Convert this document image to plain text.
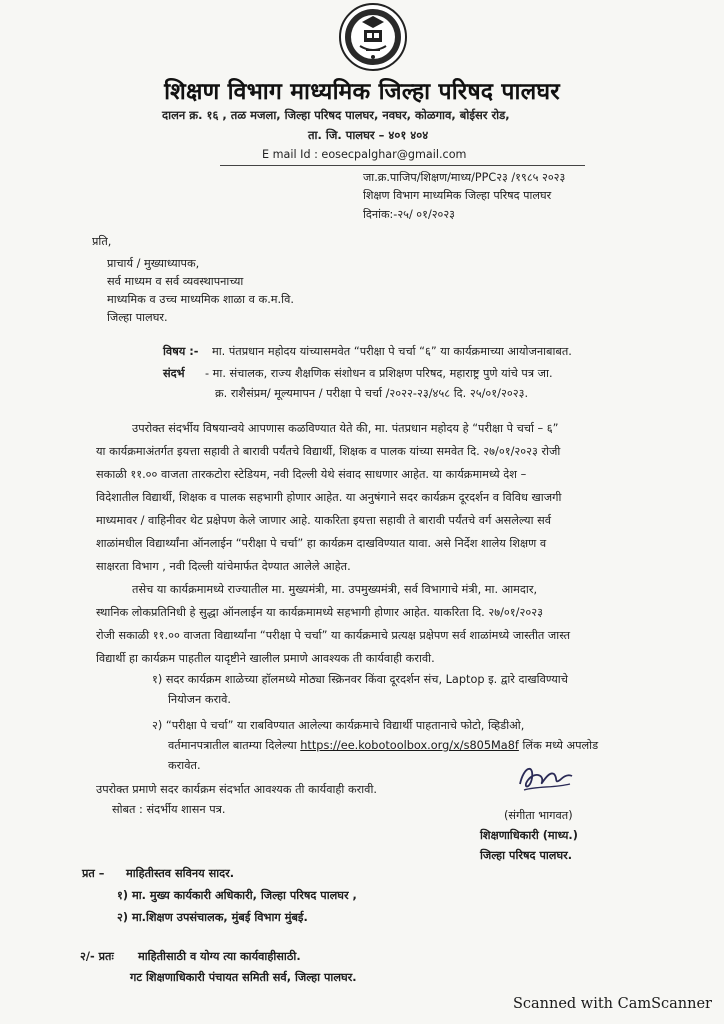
शिक्षण विभाग माध्यमिक जिल्हा परिषद पालघर
दालन क्र. १६ , तळ मजला, जिल्हा परिषद पालघर, नवघर, कोळगाव, बोईसर रोड,
ता. जि. पालघर – ४०१ ४०४
E mail Id : eosecpalghar@gmail.com
जा.क्र.पाजिप/शिक्षण/माध्य/PPC२३ /१९८५ २०२३
शिक्षण विभाग माध्यमिक जिल्हा परिषद पालघर
दिनांक:-२५/ ०१/२०२३
प्रति,
प्राचार्य / मुख्याध्यापक,
सर्व माध्यम व सर्व व्यवस्थापनाच्या
माध्यमिक व उच्च माध्यमिक शाळा व क.म.वि.
जिल्हा पालघर.
विषय :- मा. पंतप्रधान महोदय यांच्यासमवेत “परीक्षा पे चर्चा “६” या कार्यक्रमाच्या आयोजनाबाबत.
संदर्भ - मा. संचालक, राज्य शैक्षणिक संशोधन व प्रशिक्षण परिषद, महाराष्ट्र पुणे यांचे पत्र जा.
क्र. राशैसंप्रम/ मूल्यमापन / परीक्षा पे चर्चा /२०२२-२३/४५८ दि. २५/०१/२०२३.
उपरोक्त संदर्भीय विषयान्वये आपणास कळविण्यात येते की, मा. पंतप्रधान महोदय हे “परीक्षा पे चर्चा – ६”
या कार्यक्रमाअंतर्गत इयत्ता सहावी ते बारावी पर्यंतचे विद्यार्थी, शिक्षक व पालक यांच्या समवेत दि. २७/०१/२०२३ रोजी
सकाळी ११.०० वाजता तारकटोरा स्टेडियम, नवी दिल्ली येथे संवाद साधणार आहेत. या कार्यक्रमामध्ये देश –
विदेशातील विद्यार्थी, शिक्षक व पालक सहभागी होणार आहेत. या अनुषंगाने सदर कार्यक्रम दूरदर्शन व विविध खाजगी
माध्यमावर / वाहिनीवर थेट प्रक्षेपण केले जाणार आहे. याकरिता इयत्ता सहावी ते बारावी पर्यंतचे वर्ग असलेल्या सर्व
शाळांमधील विद्यार्थ्यांना ऑनलाईन “परीक्षा पे चर्चा” हा कार्यक्रम दाखविण्यात यावा. असे निर्देश शालेय शिक्षण व
साक्षरता विभाग , नवी दिल्ली यांचेमार्फत देण्यात आलेले आहेत.
तसेच या कार्यक्रमामध्ये राज्यातील मा. मुख्यमंत्री, मा. उपमुख्यमंत्री, सर्व विभागाचे मंत्री, मा. आमदार,
स्थानिक लोकप्रतिनिधी हे सुद्धा ऑनलाईन या कार्यक्रमामध्ये सहभागी होणार आहेत. याकरिता दि. २७/०१/२०२३
रोजी सकाळी ११.०० वाजता विद्यार्थ्यांना “परीक्षा पे चर्चा” या कार्यक्रमाचे प्रत्यक्ष प्रक्षेपण सर्व शाळांमध्ये जास्तीत जास्त
विद्यार्थी हा कार्यक्रम पाहतील यादृष्टीने खालील प्रमाणे आवश्यक ती कार्यवाही करावी.
१) सदर कार्यक्रम शाळेच्या हॉलमध्ये मोठ्या स्क्रिनवर किंवा दूरदर्शन संच, Laptop इ. द्वारे दाखविण्याचे
नियोजन करावे.
२) “परीक्षा पे चर्चा” या राबविण्यात आलेल्या कार्यक्रमाचे विद्यार्थी पाहतानाचे फोटो, व्हिडीओ,
वर्तमानपत्रातील बातम्या दिलेल्या https://ee.kobotoolbox.org/x/s805Ma8f लिंक मध्ये अपलोड
करावेत.
उपरोक्त प्रमाणे सदर कार्यक्रम संदर्भात आवश्यक ती कार्यवाही करावी.
सोबत : संदर्भीय शासन पत्र.	(संगीता भागवत)
शिक्षणाधिकारी (माध्य.)
जिल्हा परिषद पालघर.
प्रत – माहितीस्तव सविनय सादर.
१) मा. मुख्य कार्यकारी अधिकारी, जिल्हा परिषद पालघर ,
२) मा.शिक्षण उपसंचालक, मुंबई विभाग मुंबई.
२/- प्रतः माहितीसाठी व योग्य त्या कार्यवाहीसाठी.
गट शिक्षणाधिकारी पंचायत समिती सर्व, जिल्हा पालघर.
Scanned with CamScanner
